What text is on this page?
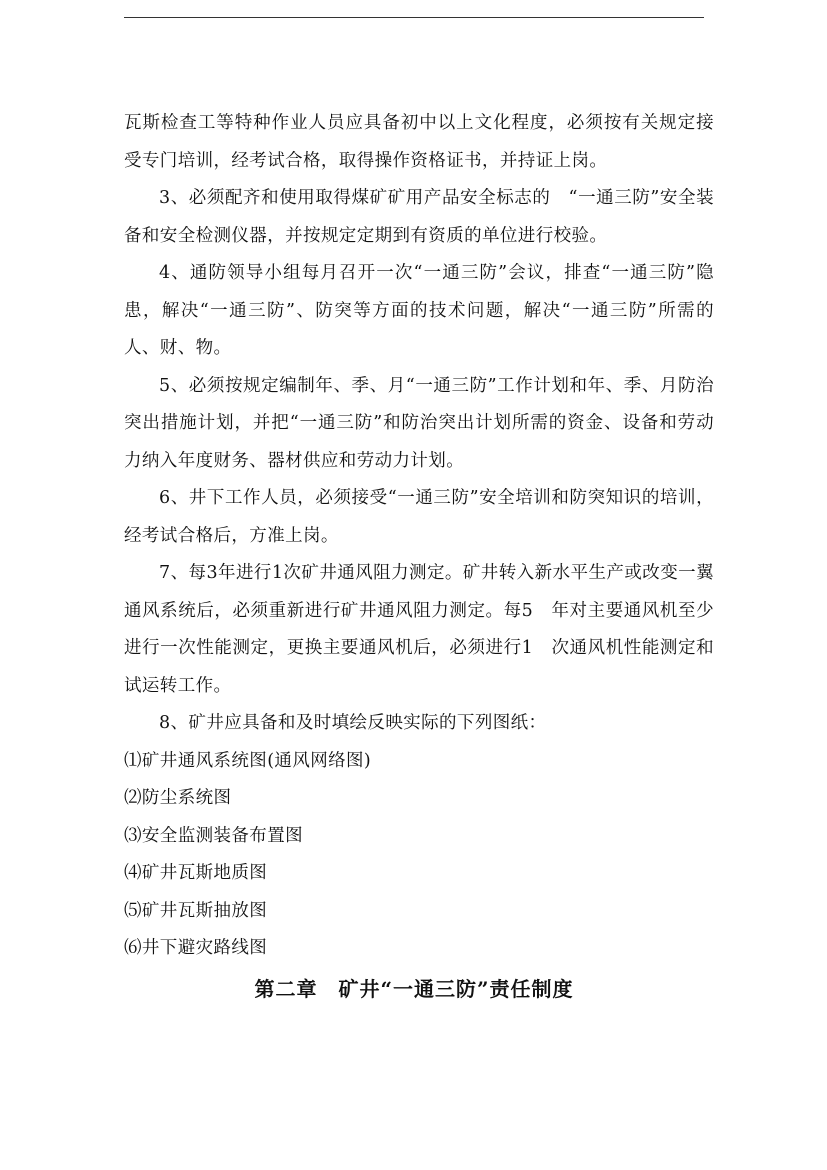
瓦斯检查工等特种作业人员应具备初中以上文化程度，必须按有关规定接受专门培训，经考试合格，取得操作资格证书，并持证上岗。

3、必须配齐和使用取得煤矿矿用产品安全标志的　“一通三防”安全装备和安全检测仪器，并按规定定期到有资质的单位进行校验。

4、通防领导小组每月召开一次“一通三防”会议，排查“一通三防”隐患，解决“一通三防”、防突等方面的技术问题，解决“一通三防”所需的人、财、物。

5、必须按规定编制年、季、月“一通三防”工作计划和年、季、月防治突出措施计划，并把“一通三防”和防治突出计划所需的资金、设备和劳动力纳入年度财务、器材供应和劳动力计划。

6、井下工作人员，必须接受“一通三防”安全培训和防突知识的培训，经考试合格后，方准上岗。

7、每3年进行1次矿井通风阻力测定。矿井转入新水平生产或改变一翼通风系统后，必须重新进行矿井通风阻力测定。每5　年对主要通风机至少进行一次性能测定，更换主要通风机后，必须进行1　次通风机性能测定和试运转工作。

8、矿井应具备和及时填绘反映实际的下列图纸：

⑴矿井通风系统图(通风网络图)

⑵防尘系统图

⑶安全监测装备布置图

⑷矿井瓦斯地质图

⑸矿井瓦斯抽放图

⑹井下避灾路线图

第二章　矿井“一通三防”责任制度
